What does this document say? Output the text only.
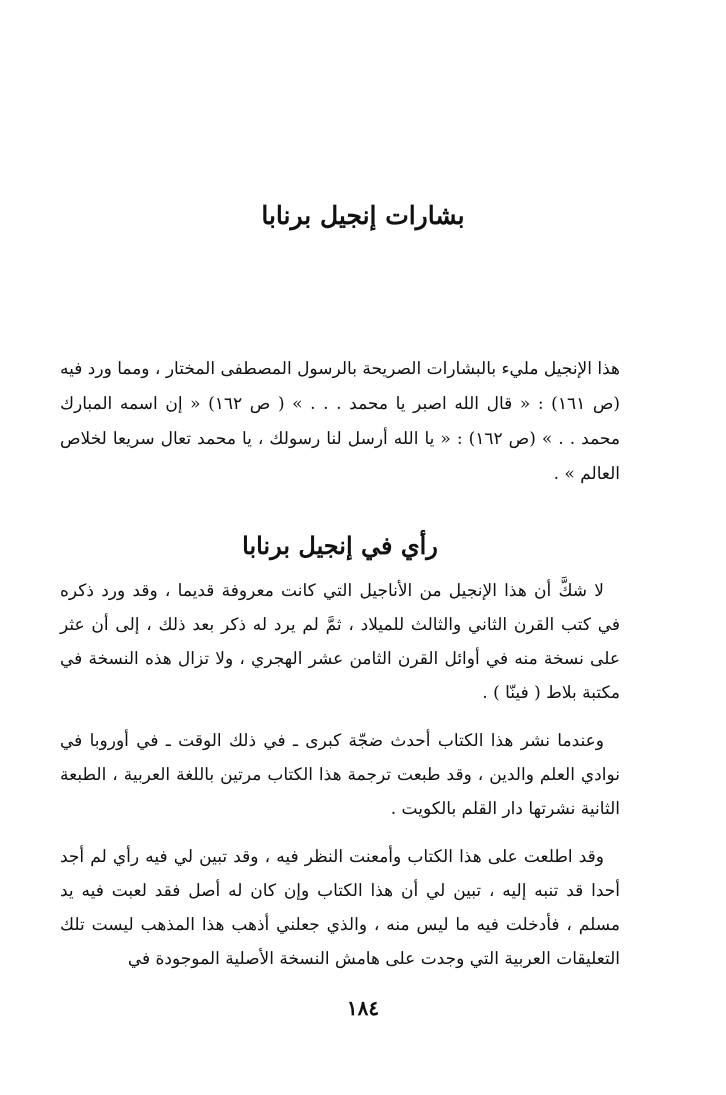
بشارات إنجيل برنابا

هذا الإنجيل مليء بالبشارات الصريحة بالرسول المصطفى المختار ، ومما ورد فيه (ص ١٦١) : « قال الله اصبر يا محمد . . . » ( ص ١٦٢) « إن اسمه المبارك محمد . . » (ص ١٦٢) : « يا الله أرسل لنا رسولك ، يا محمد تعال سريعا لخلاص العالم » .

رأي في إنجيل برنابا

لا شكَّ أن هذا الإنجيل من الأناجيل التي كانت معروفة قديما ، وقد ورد ذكره في كتب القرن الثاني والثالث للميلاد ، ثمَّ لم يرد له ذكر بعد ذلك ، إلى أن عثر على نسخة منه في أوائل القرن الثامن عشر الهجري ، ولا تزال هذه النسخة في مكتبة بلاط ( فينّا ) .

وعندما نشر هذا الكتاب أحدث ضجّة كبرى ـ في ذلك الوقت ـ في أوروبا في نوادي العلم والدين ، وقد طبعت ترجمة هذا الكتاب مرتين باللغة العربية ، الطبعة الثانية نشرتها دار القلم بالكويت .

وقد اطلعت على هذا الكتاب وأمعنت النظر فيه ، وقد تبين لي فيه رأي لم أجد أحدا قد تنبه إليه ، تبين لي أن هذا الكتاب وإن كان له أصل فقد لعبت فيه يد مسلم ، فأدخلت فيه ما ليس منه ، والذي جعلني أذهب هذا المذهب ليست تلك التعليقات العربية التي وجدت على هامش النسخة الأصلية الموجودة في

١٨٤
